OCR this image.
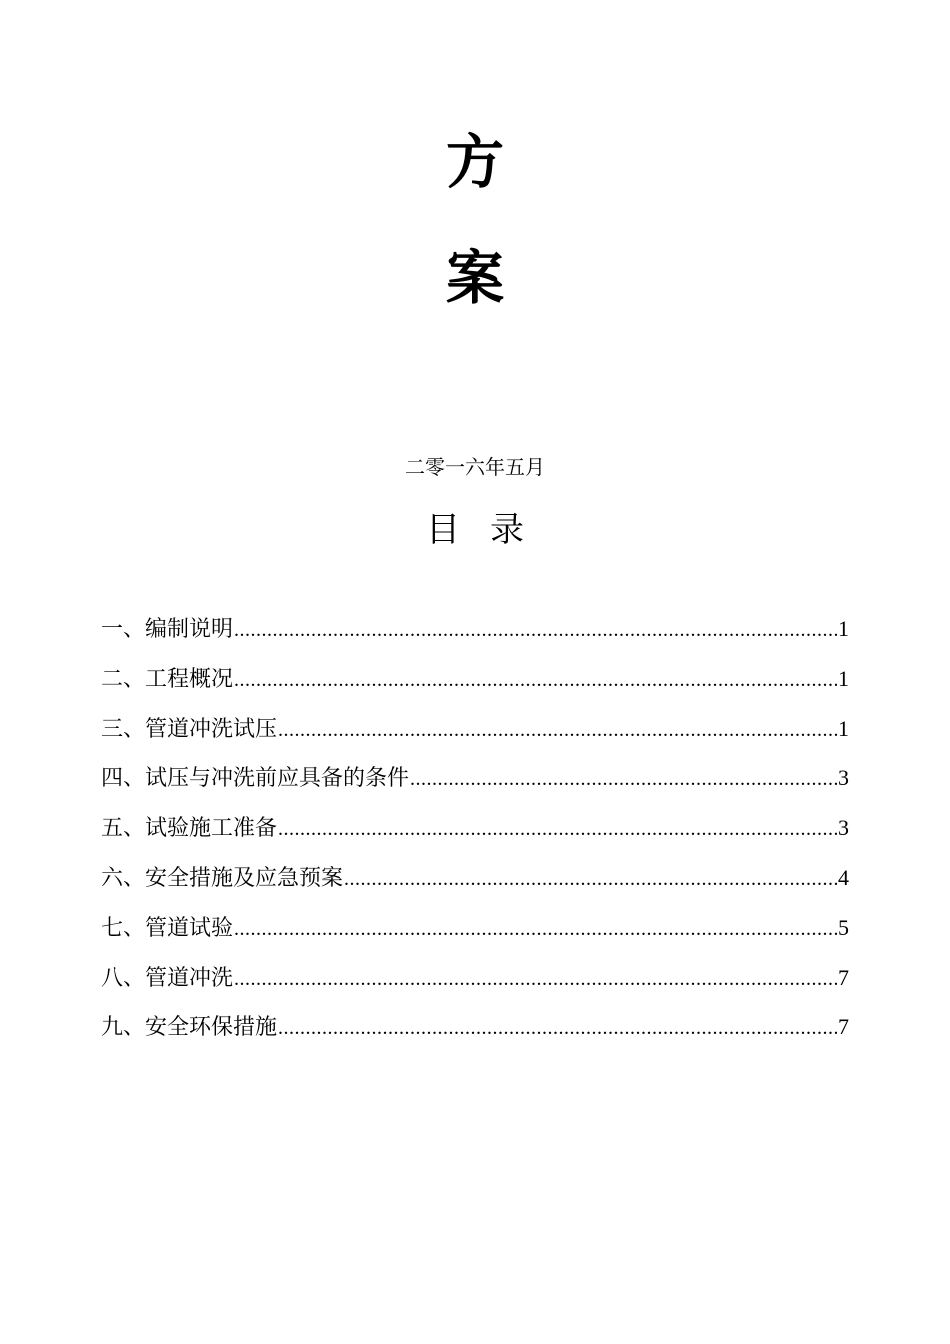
方
案
二零一六年五月
目录
一、 编制说明 .....	1
二、 工程概况 .....	1
三、 管道冲洗试压 .....	1
四、 试压与冲洗前应具备的条件 .....	3
五、 试验施工准备 .....	3
六、 安全措施及应急预案 .....	4
七、 管道试验 .....	5
八、 管道冲洗 .....	7
九、 安全环保措施 .....	7
